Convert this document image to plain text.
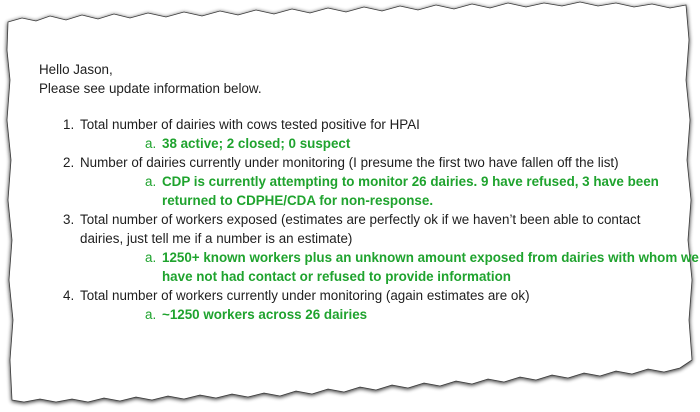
Hello Jason,

Please see update information below.

1. Total number of dairies with cows tested positive for HPAI
a. 38 active; 2 closed; 0 suspect
2. Number of dairies currently under monitoring (I presume the first two have fallen off the list)
a. CDP is currently attempting to monitor 26 dairies. 9 have refused, 3 have been returned to CDPHE/CDA for non-response.
3. Total number of workers exposed (estimates are perfectly ok if we haven’t been able to contact dairies, just tell me if a number is an estimate)
a. 1250+ known workers plus an unknown amount exposed from dairies with whom we have not had contact or refused to provide information
4. Total number of workers currently under monitoring (again estimates are ok)
a. ~1250 workers across 26 dairies
